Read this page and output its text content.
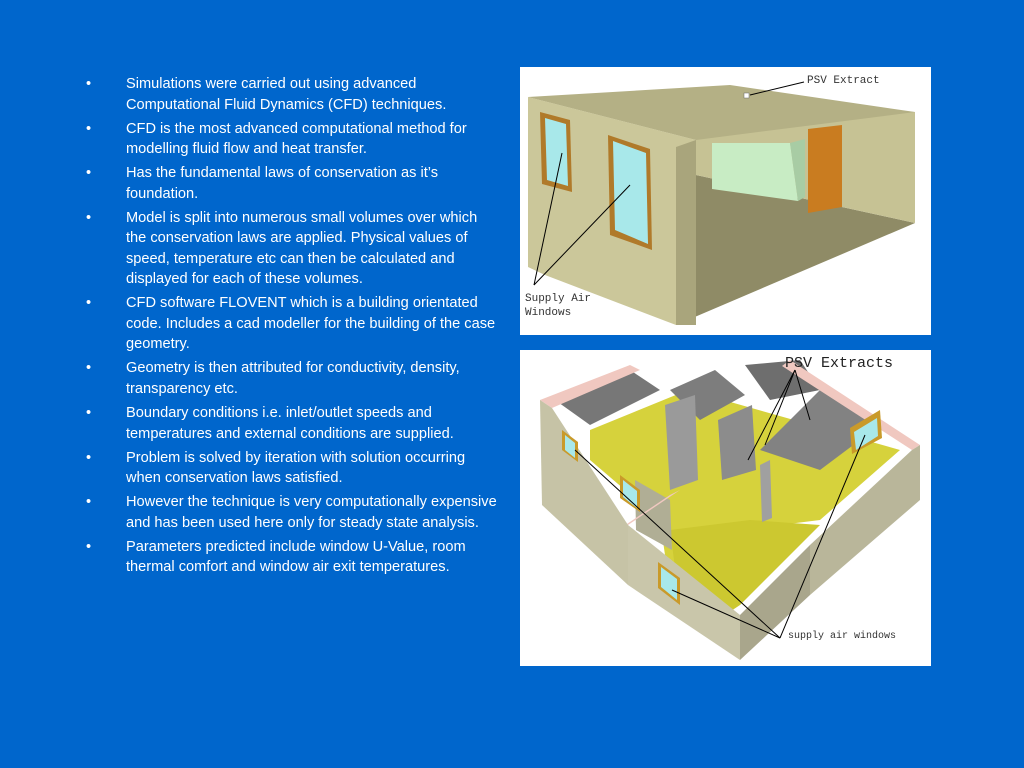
• Simulations were carried out using advanced Computational Fluid Dynamics (CFD) techniques.
• CFD is the most advanced computational method for modelling fluid flow and heat transfer.
• Has the fundamental laws of conservation as it’s foundation.
• Model is split into numerous small volumes over which the conservation laws are applied. Physical values of speed, temperature etc can then be calculated and displayed for each of these volumes.
• CFD software FLOVENT which is a building orientated code. Includes a cad modeller for the building of the case geometry.
• Geometry is then attributed for conductivity, density, transparency etc.
• Boundary conditions i.e. inlet/outlet speeds and temperatures and external conditions are supplied.
• Problem is solved by iteration with solution occurring when conservation laws satisfied.
• However the technique is very computationally expensive and has been used here only for steady state analysis.
• Parameters predicted include window U-Value, room thermal comfort and window air exit temperatures.
PSV Extract
Supply Air
Windows
PSV Extracts
supply air windows
